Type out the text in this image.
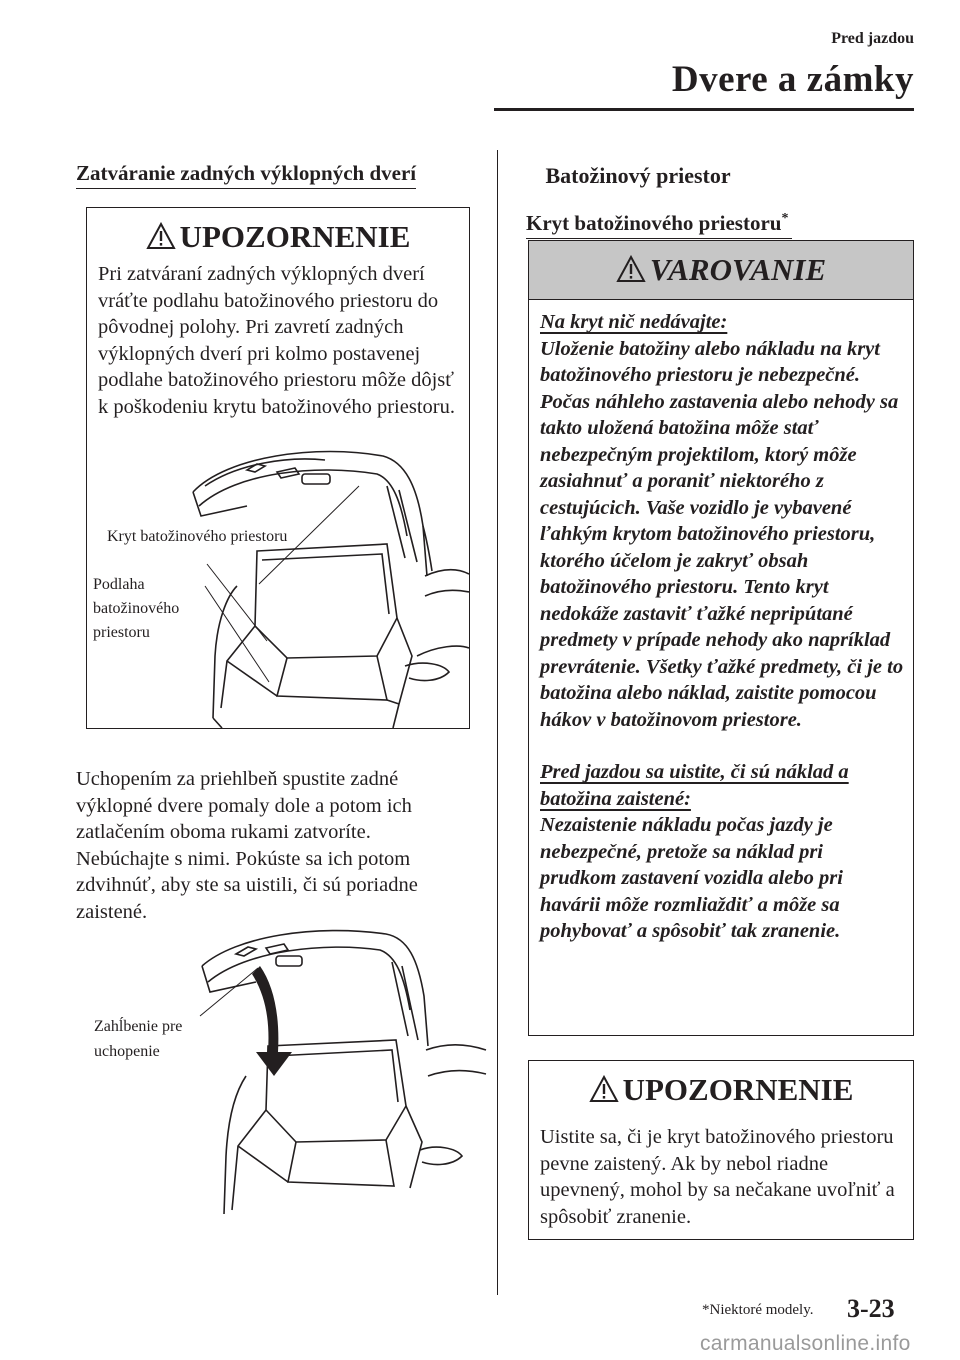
Pred jazdou
Dvere a zámky
Zatváranie zadných výklopných dverí
UPOZORNENIE
Pri zatváraní zadných výklopných dverí vráťte podlahu batožinového priestoru do pôvodnej polohy. Pri zavretí zadných výklopných dverí pri kolmo postavenej podlahe batožinového priestoru môže dôjsť k poškodeniu krytu batožinového priestoru.
Kryt batožinového priestoru
Podlaha
batožinového
priestoru
Uchopením za priehlbeň spustite zadné
výklopné dvere pomaly dole a potom ich
zatlačením oboma rukami zatvoríte.
Nebúchajte s nimi. Pokúste sa ich potom
zdvihnúť, aby ste sa uistili, či sú poriadne
zaistené.
Zahĺbenie pre
uchopenie
Batožinový priestor
Kryt batožinového priestoru*
VAROVANIE
Na kryt nič nedávajte:
Uloženie batožiny alebo nákladu na kryt batožinového priestoru je nebezpečné. Počas náhleho zastavenia alebo nehody sa takto uložená batožina môže stať nebezpečným projektilom, ktorý môže zasiahnuť a poraniť niektorého z cestujúcich. Vaše vozidlo je vybavené ľahkým krytom batožinového priestoru, ktorého účelom je zakryť obsah batožinového priestoru. Tento kryt nedokáže zastaviť ťažké nepripútané predmety v prípade nehody ako napríklad prevrátenie. Všetky ťažké predmety, či je to batožina alebo náklad, zaistite pomocou hákov v batožinovom priestore.
Pred jazdou sa uistite, či sú náklad a batožina zaistené:
Nezaistenie nákladu počas jazdy je nebezpečné, pretože sa náklad pri prudkom zastavení vozidla alebo pri havárii môže rozmliaždiť a môže sa pohybovať a spôsobiť tak zranenie.
UPOZORNENIE
Uistite sa, či je kryt batožinového priestoru pevne zaistený. Ak by nebol riadne upevnený, mohol by sa nečakane uvoľniť a spôsobiť zranenie.
*Niektoré modely. 3-23
carmanualsonline.info
